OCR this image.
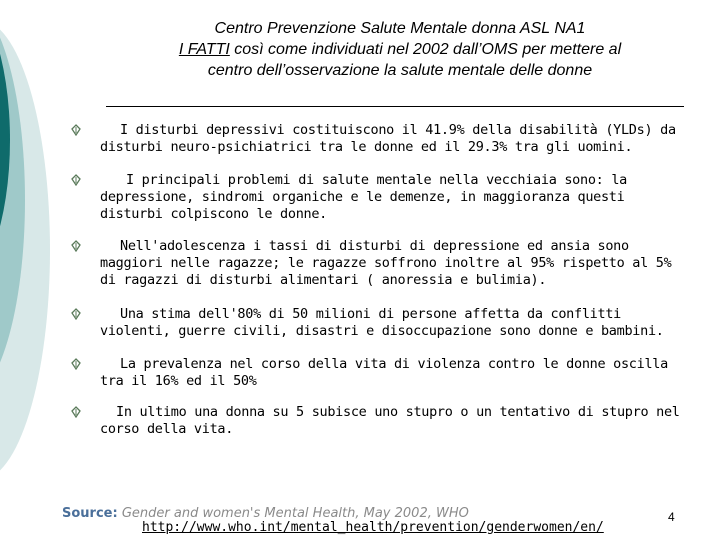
Centro Prevenzione Salute Mentale donna ASL NA1
I FATTI così come individuati nel 2002 dall’OMS per mettere al
centro dell’osservazione la salute mentale delle donne
I disturbi depressivi costituiscono il 41.9% della disabilità (YLDs) da disturbi neuro-psichiatrici tra le donne ed il 29.3% tra gli uomini.
I principali problemi di salute mentale nella vecchiaia sono: la depressione, sindromi organiche e le demenze, in maggioranza questi disturbi colpiscono le donne.
Nell'adolescenza i tassi di disturbi di depressione ed ansia sono maggiori nelle ragazze; le ragazze soffrono inoltre al 95% rispetto al 5% di ragazzi di disturbi alimentari ( anoressia e bulimia).
Una stima dell'80% di 50 milioni di persone affetta da conflitti violenti, guerre civili, disastri e disoccupazione sono donne e bambini.
La prevalenza nel corso della vita di violenza contro le donne oscilla tra il 16% ed il 50%
In ultimo una donna su 5 subisce uno stupro o un tentativo di stupro nel corso della vita.
Source: Gender and women's Mental Health, May 2002, WHO
http://www.who.int/mental_health/prevention/genderwomen/en/
4
